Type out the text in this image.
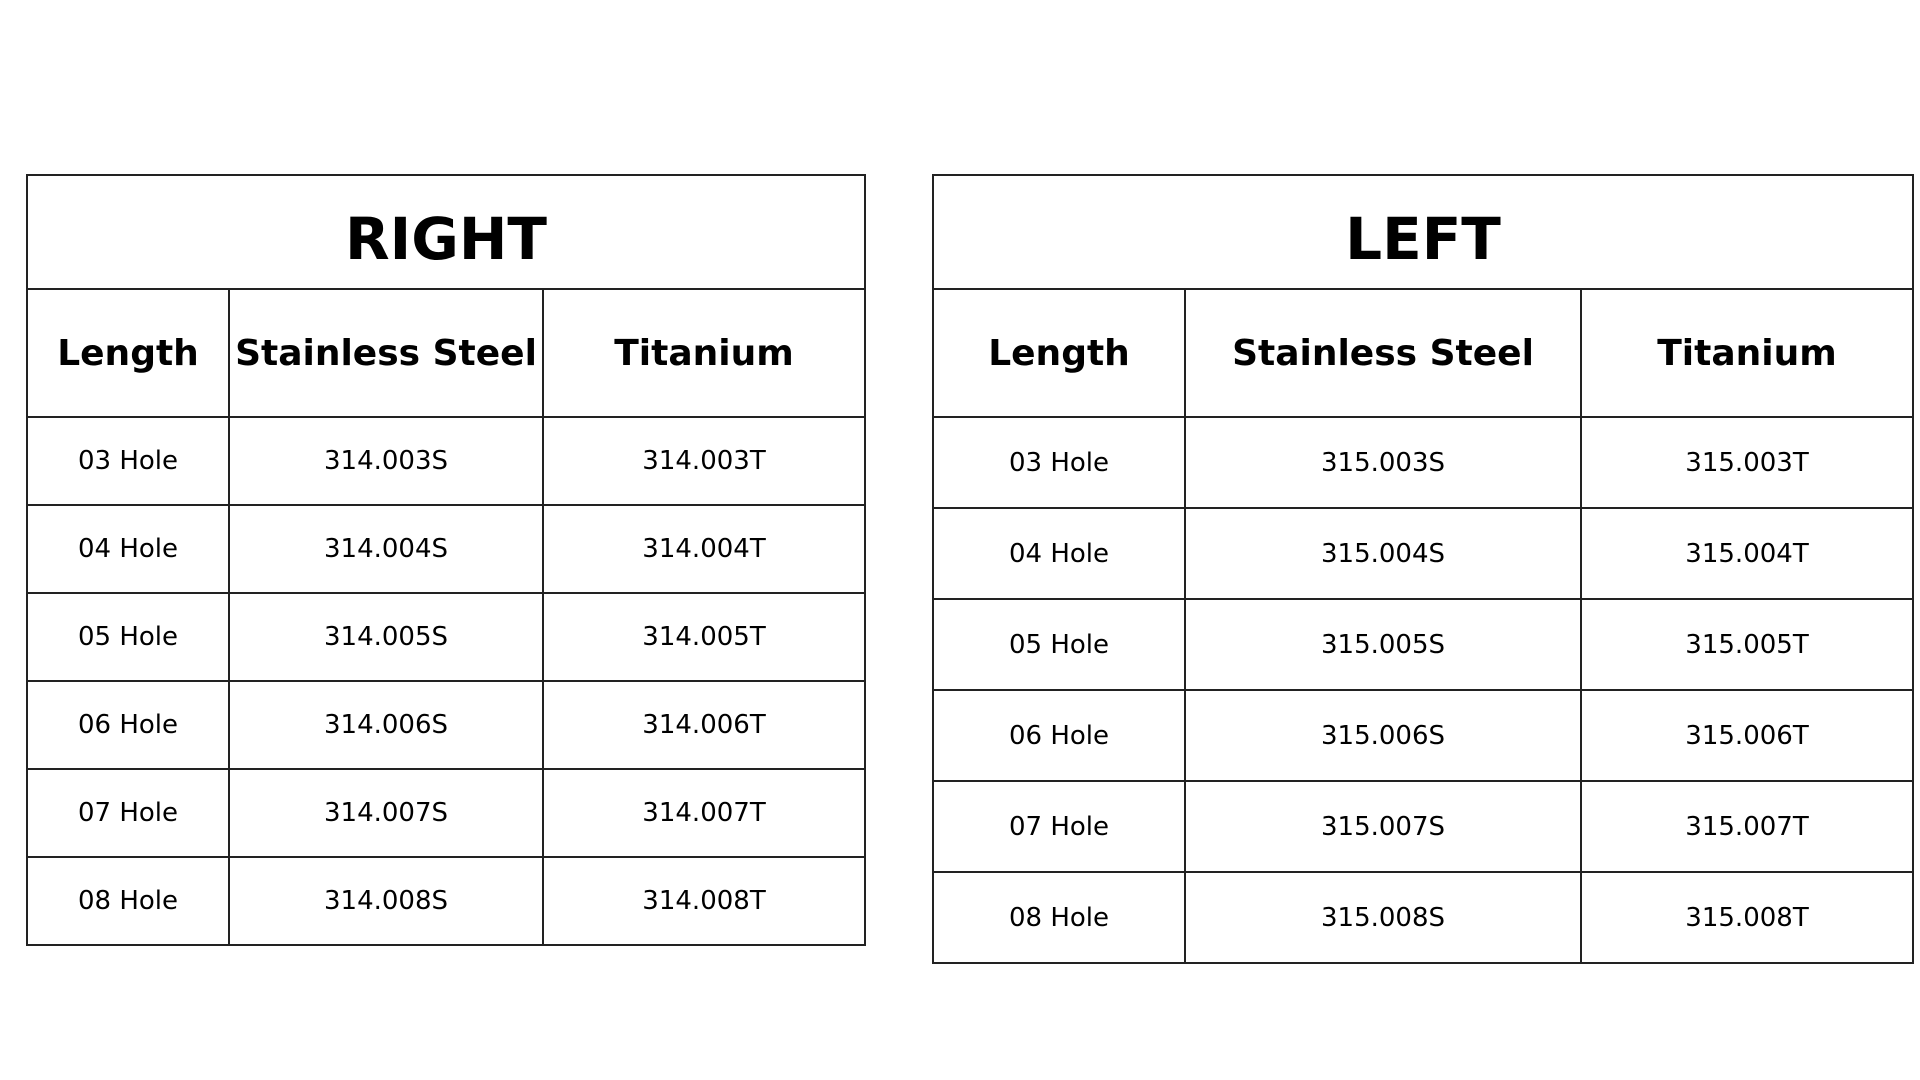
RIGHT		
Length	Stainless Steel	Titanium
03 Hole	314.003S	314.003T
04 Hole	314.004S	314.004T
05 Hole	314.005S	314.005T
06 Hole	314.006S	314.006T
07 Hole	314.007S	314.007T
08 Hole	314.008S	314.008T
LEFT		
Length	Stainless Steel	Titanium
03 Hole	315.003S	315.003T
04 Hole	315.004S	315.004T
05 Hole	315.005S	315.005T
06 Hole	315.006S	315.006T
07 Hole	315.007S	315.007T
08 Hole	315.008S	315.008T
